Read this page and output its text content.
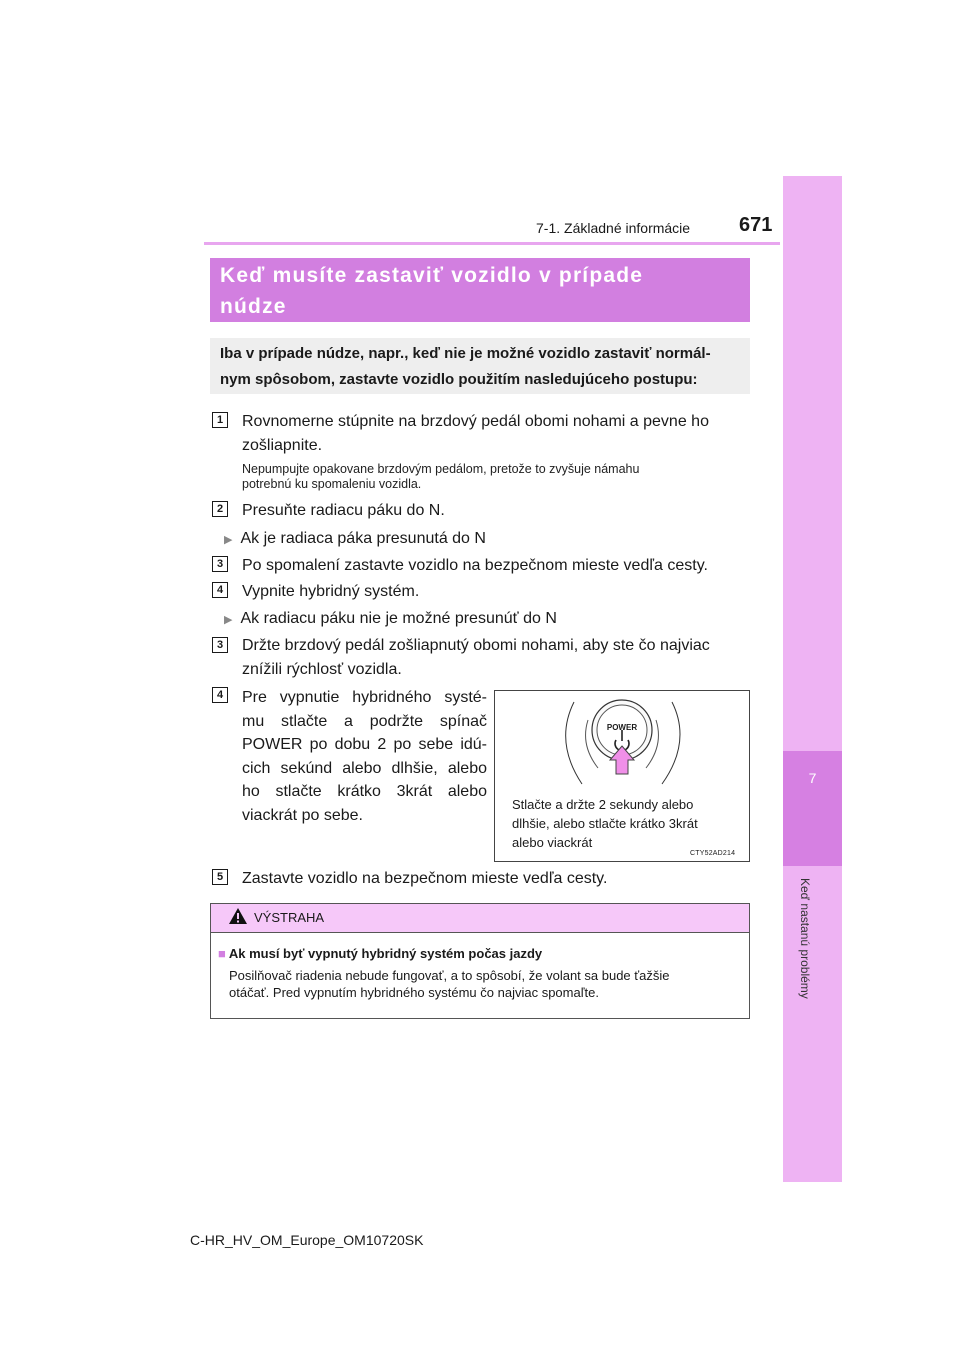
7-1. Základné informácie 671
7
Keď nastanú problémy
Keď musíte zastaviť vozidlo v prípade
núdze
Iba v prípade núdze, napr., keď nie je možné vozidlo zastaviť normál-
nym spôsobom, zastavte vozidlo použitím nasledujúceho postupu:
1	Rovnomerne stúpnite na brzdový pedál obomi nohami a pevne ho
zošliapnite.
Nepumpujte opakovane brzdovým pedálom, pretože to zvyšuje námahu
potrebnú ku spomaleniu vozidla.
2	Presuňte radiacu páku do N.
▶ Ak je radiaca páka presunutá do N
3	Po spomalení zastavte vozidlo na bezpečnom mieste vedľa cesty.
4	Vypnite hybridný systém.
▶ Ak radiacu páku nie je možné presunúť do N
3	Držte brzdový pedál zošliapnutý obomi nohami, aby ste čo najviac
znížili rýchlosť vozidla.
4	Pre vypnutie hybridného systé-
mu stlačte a podržte spínač
POWER po dobu 2 po sebe idú-
cich sekúnd alebo dlhšie, alebo
ho stlačte krátko 3krát alebo
viackrát po sebe.
POWER
Stlačte a držte 2 sekundy alebo
dlhšie, alebo stlačte krátko 3krát
alebo viackrát
CTY52AD214
5	Zastavte vozidlo na bezpečnom mieste vedľa cesty.
VÝSTRAHA
■ Ak musí byť vypnutý hybridný systém počas jazdy
Posilňovač riadenia nebude fungovať, a to spôsobí, že volant sa bude ťažšie
otáčať. Pred vypnutím hybridného systému čo najviac spomaľte.
C-HR_HV_OM_Europe_OM10720SK
